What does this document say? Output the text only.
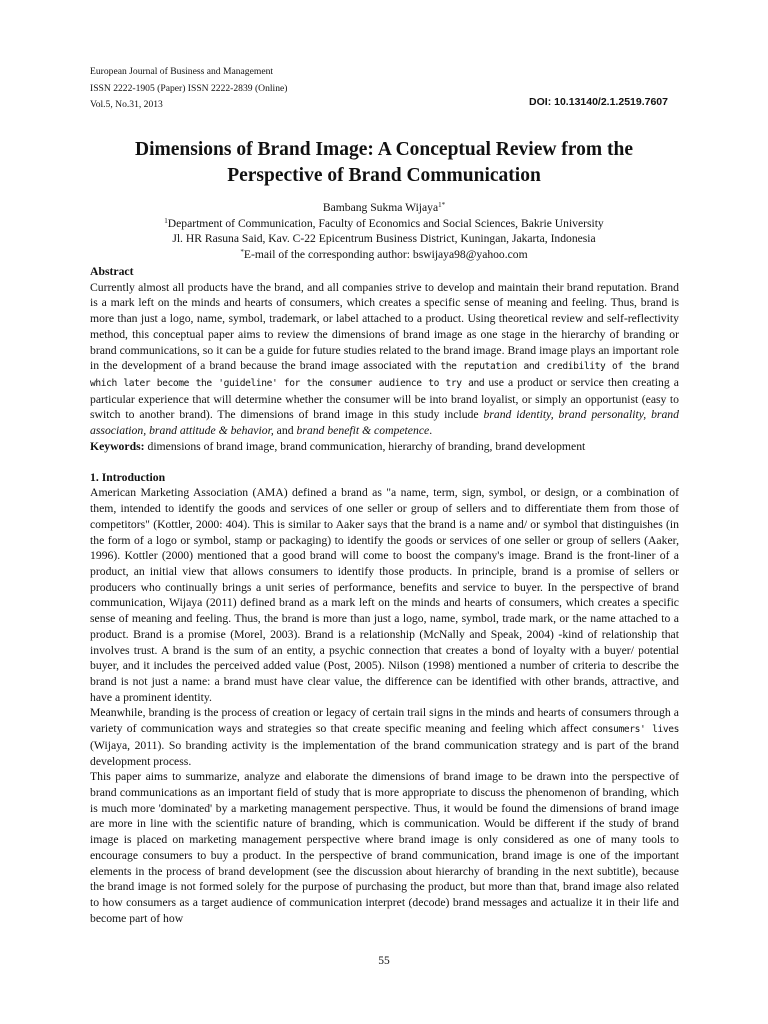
European Journal of Business and Management
ISSN 2222-1905 (Paper) ISSN 2222-2839 (Online)
Vol.5, No.31, 2013	DOI: 10.13140/2.1.2519.7607
Dimensions of Brand Image: A Conceptual Review from the
Perspective of Brand Communication
Bambang Sukma Wijaya$^{1*}$
$^1$Department of Communication, Faculty of Economics and Social Sciences, Bakrie University
Jl. HR Rasuna Said, Kav. C-22 Epicentrum Business District, Kuningan, Jakarta, Indonesia
*E-mail of the corresponding author: bswijaya98@yahoo.com
Abstract

Currently almost all products have the brand, and all companies strive to develop and maintain their brand reputation. Brand is a mark left on the minds and hearts of consumers, which creates a specific sense of meaning and feeling. Thus, brand is more than just a logo, name, symbol, trademark, or label attached to a product. Using theoretical review and self-reflectivity method, this conceptual paper aims to review the dimensions of brand image as one stage in the hierarchy of branding or brand communications, so it can be a guide for future studies related to the brand image. Brand image plays an important role in the development of a brand because the brand image associated with the reputation and credibility of the brand which later become the 'guideline' for the consumer audience to try and use a product or service then creating a particular experience that will determine whether the consumer will be into brand loyalist, or simply an opportunist (easy to switch to another brand). The dimensions of brand image in this study include brand identity, brand personality, brand association, brand attitude & behavior, and brand benefit & competence.

Keywords: dimensions of brand image, brand communication, hierarchy of branding, brand development

1. Introduction

American Marketing Association (AMA) defined a brand as "a name, term, sign, symbol, or design, or a combination of them, intended to identify the goods and services of one seller or group of sellers and to differentiate them from those of competitors" (Kottler, 2000: 404). This is similar to Aaker says that the brand is a name and/ or symbol that distinguishes (in the form of a logo or symbol, stamp or packaging) to identify the goods or services of one seller or group of sellers (Aaker, 1996). Kottler (2000) mentioned that a good brand will come to boost the company's image. Brand is the front-liner of a product, an initial view that allows consumers to identify those products. In principle, brand is a promise of sellers or producers who continually brings a unit series of performance, benefits and service to buyer. In the perspective of brand communication, Wijaya (2011) defined brand as a mark left on the minds and hearts of consumers, which creates a specific sense of meaning and feeling. Thus, the brand is more than just a logo, name, symbol, trade mark, or the name attached to a product. Brand is a promise (Morel, 2003). Brand is a relationship (McNally and Speak, 2004) -kind of relationship that involves trust. A brand is the sum of an entity, a psychic connection that creates a bond of loyalty with a buyer/ potential buyer, and it includes the perceived added value (Post, 2005). Nilson (1998) mentioned a number of criteria to describe the brand is not just a name: a brand must have clear value, the difference can be identified with other brands, attractive, and have a prominent identity.

Meanwhile, branding is the process of creation or legacy of certain trail signs in the minds and hearts of consumers through a variety of communication ways and strategies so that create specific meaning and feeling which affect consumers' lives (Wijaya, 2011). So branding activity is the implementation of the brand communication strategy and is part of the brand development process.

This paper aims to summarize, analyze and elaborate the dimensions of brand image to be drawn into the perspective of brand communications as an important field of study that is more appropriate to discuss the phenomenon of branding, which is much more 'dominated' by a marketing management perspective. Thus, it would be found the dimensions of brand image are more in line with the scientific nature of branding, which is communication. Would be different if the study of brand image is placed on marketing management perspective where brand image is only considered as one of many tools to encourage consumers to buy a product. In the perspective of brand communication, brand image is one of the important elements in the process of brand development (see the discussion about hierarchy of branding in the next subtitle), because the brand image is not formed solely for the purpose of purchasing the product, but more than that, brand image also related to how consumers as a target audience of communication interpret (decode) brand messages and actualize it in their life and become part of how

55
